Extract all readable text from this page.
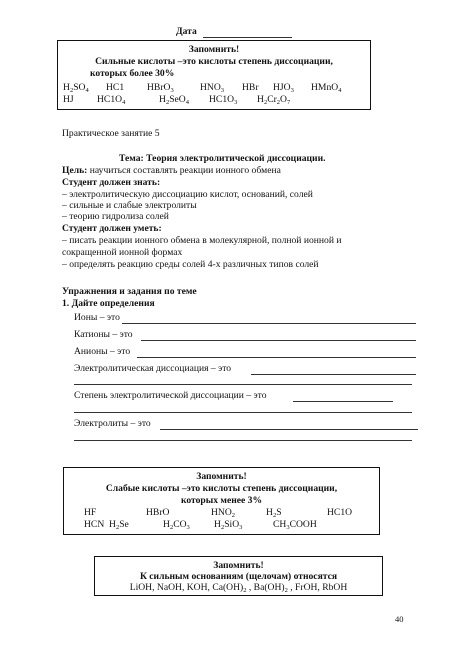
Дата
Запомнить!
Сильные кислоты –это кислоты степень диссоциации,
которых более 30%
$H_2SO_4$ HC1 HBrO$_3$	$HNO_3$ HBr $HJO_3$ HMnO$_4$
HJ $HC1O_4$	$H_2SeO_4$ $HC1O_3$ $H_2Cr_2O_7$
Практическое занятие 5
Тема: Теория электролитической диссоциации.
Цель: научиться составлять реакции ионного обмена
Студент должен знать:
– электролитическую диссоциацию кислот, оснований, солей
– сильные и слабые электролиты
– теорию гидролиза солей
Студент должен уметь:
– писать реакции ионного обмена в молекулярной, полной ионной и
сокращенной ионной формах
– определять реакцию среды солей 4-х различных типов солей
Упражнения и задания по теме
1. Дайте определения
Ионы – это
Катионы – это
Анионы – это
Электролитическая диссоциация – это
Степень электролитической диссоциации – это
Электролиты – это
Запомнить!
Слабые кислоты –это кислоты степень диссоциации,
которых менее 3%
HF	HBrO	$HNO_2$	$H_2S$	HC1O
HCN $H_2Se$	$H_2CO_3$	$H_2SiO_3$	$CH_3COOH$
Запомнить!
К сильным основаниям (щелочам) относятся
LiOH, NaOH, KOH, $Ca(OH)_2$ , $Ba(OH)_2$ , FrOH, RbOH
40
